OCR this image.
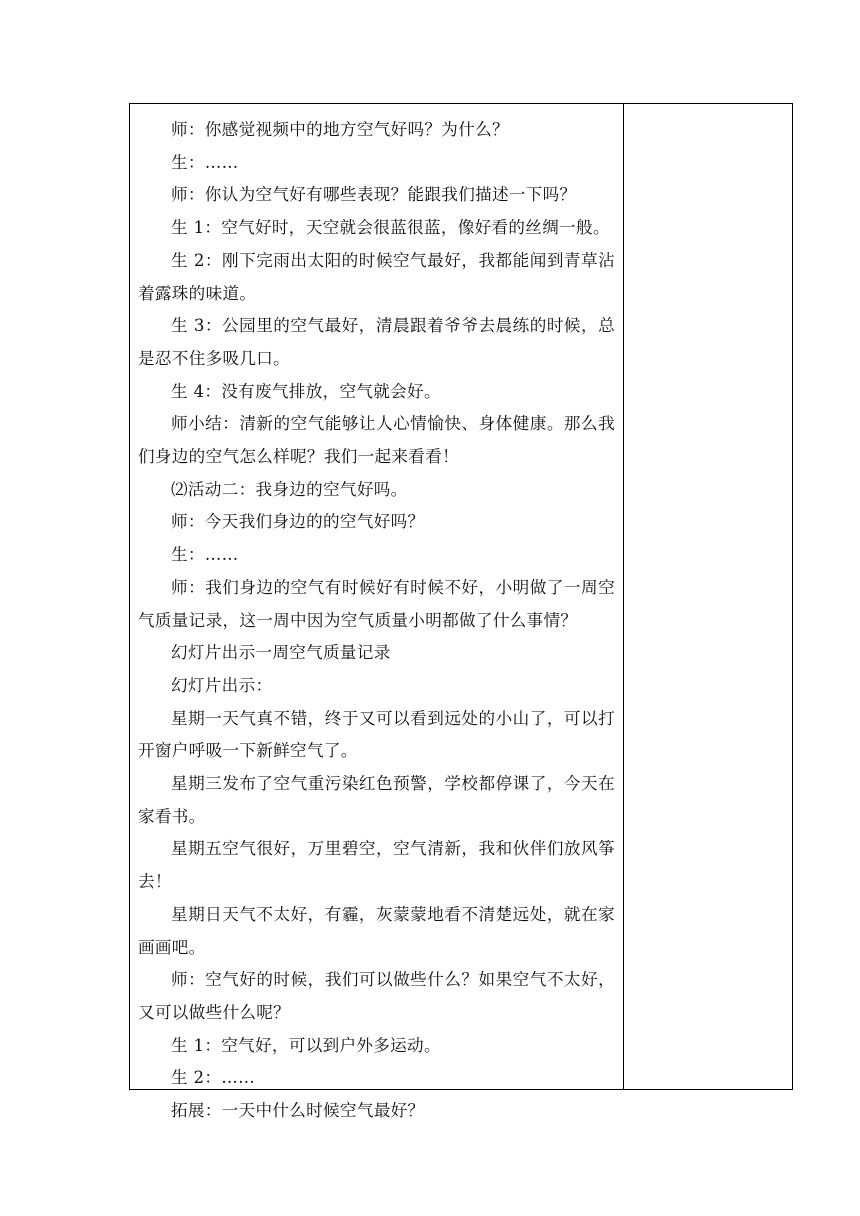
师：你感觉视频中的地方空气好吗？为什么？

生：……

师：你认为空气好有哪些表现？能跟我们描述一下吗？

生 1：空气好时，天空就会很蓝很蓝，像好看的丝绸一般。

生 2：刚下完雨出太阳的时候空气最好，我都能闻到青草沾着露珠的味道。

生 3：公园里的空气最好，清晨跟着爷爷去晨练的时候，总是忍不住多吸几口。

生 4：没有废气排放，空气就会好。

师小结：清新的空气能够让人心情愉快、身体健康。那么我们身边的空气怎么样呢？我们一起来看看！

⑵活动二：我身边的空气好吗。

师：今天我们身边的的空气好吗？

生：……

师：我们身边的空气有时候好有时候不好，小明做了一周空气质量记录，这一周中因为空气质量小明都做了什么事情？

幻灯片出示一周空气质量记录

幻灯片出示：

星期一天气真不错，终于又可以看到远处的小山了，可以打开窗户呼吸一下新鲜空气了。

星期三发布了空气重污染红色预警，学校都停课了，今天在家看书。

星期五空气很好，万里碧空，空气清新，我和伙伴们放风筝去！

星期日天气不太好，有霾，灰蒙蒙地看不清楚远处，就在家画画吧。

师：空气好的时候，我们可以做些什么？如果空气不太好，又可以做些什么呢？

生 1：空气好，可以到户外多运动。

生 2：……

拓展：一天中什么时候空气最好？
